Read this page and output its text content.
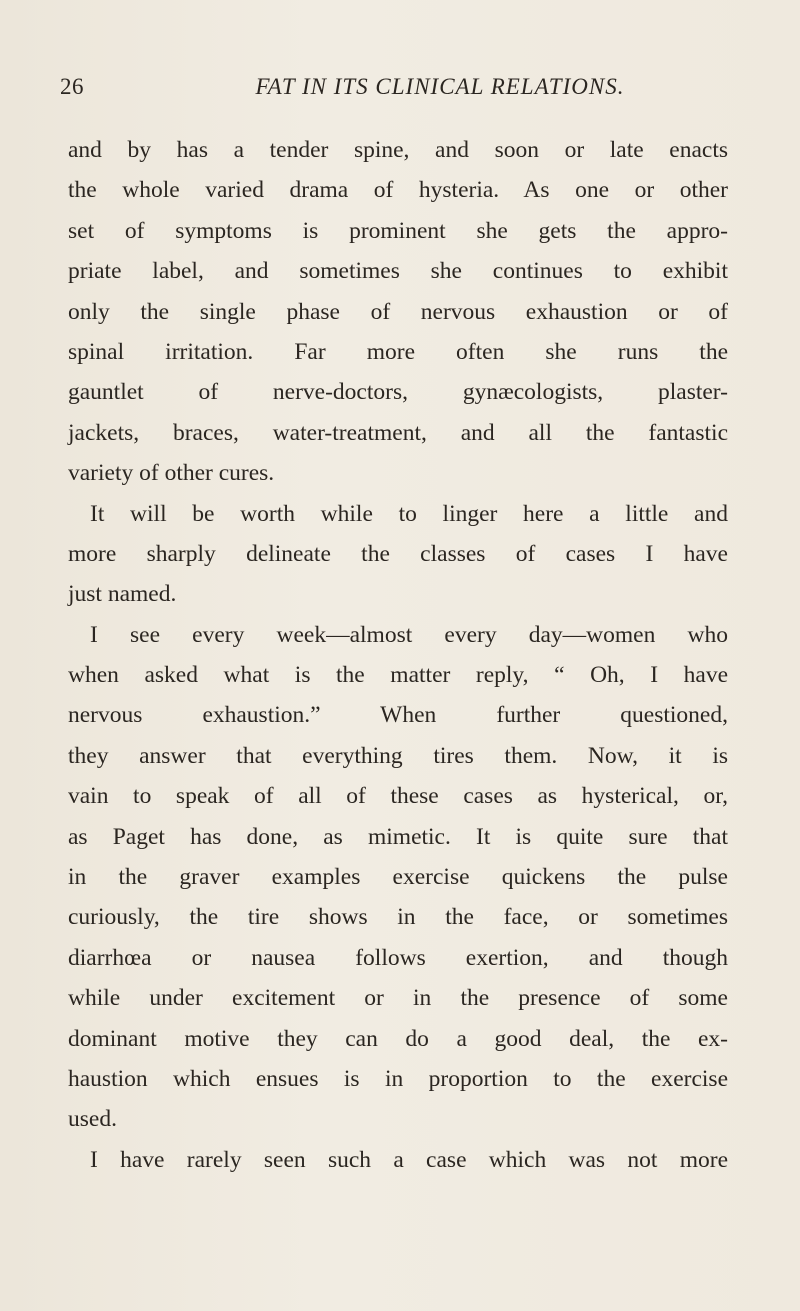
26	FAT IN ITS CLINICAL RELATIONS.
and by has a tender spine, and soon or late enacts
the whole varied drama of hysteria. As one or other
set of symptoms is prominent she gets the appro-
priate label, and sometimes she continues to exhibit
only the single phase of nervous exhaustion or of
spinal irritation. Far more often she runs the
gauntlet of nerve-doctors, gynæcologists, plaster-
jackets, braces, water-treatment, and all the fantastic
variety of other cures.
It will be worth while to linger here a little and
more sharply delineate the classes of cases I have
just named.
I see every week—almost every day—women who
when asked what is the matter reply, “ Oh, I have
nervous exhaustion.” When further questioned,
they answer that everything tires them. Now, it is
vain to speak of all of these cases as hysterical, or,
as Paget has done, as mimetic. It is quite sure that
in the graver examples exercise quickens the pulse
curiously, the tire shows in the face, or sometimes
diarrhœa or nausea follows exertion, and though
while under excitement or in the presence of some
dominant motive they can do a good deal, the ex-
haustion which ensues is in proportion to the exercise
used.
I have rarely seen such a case which was not more
